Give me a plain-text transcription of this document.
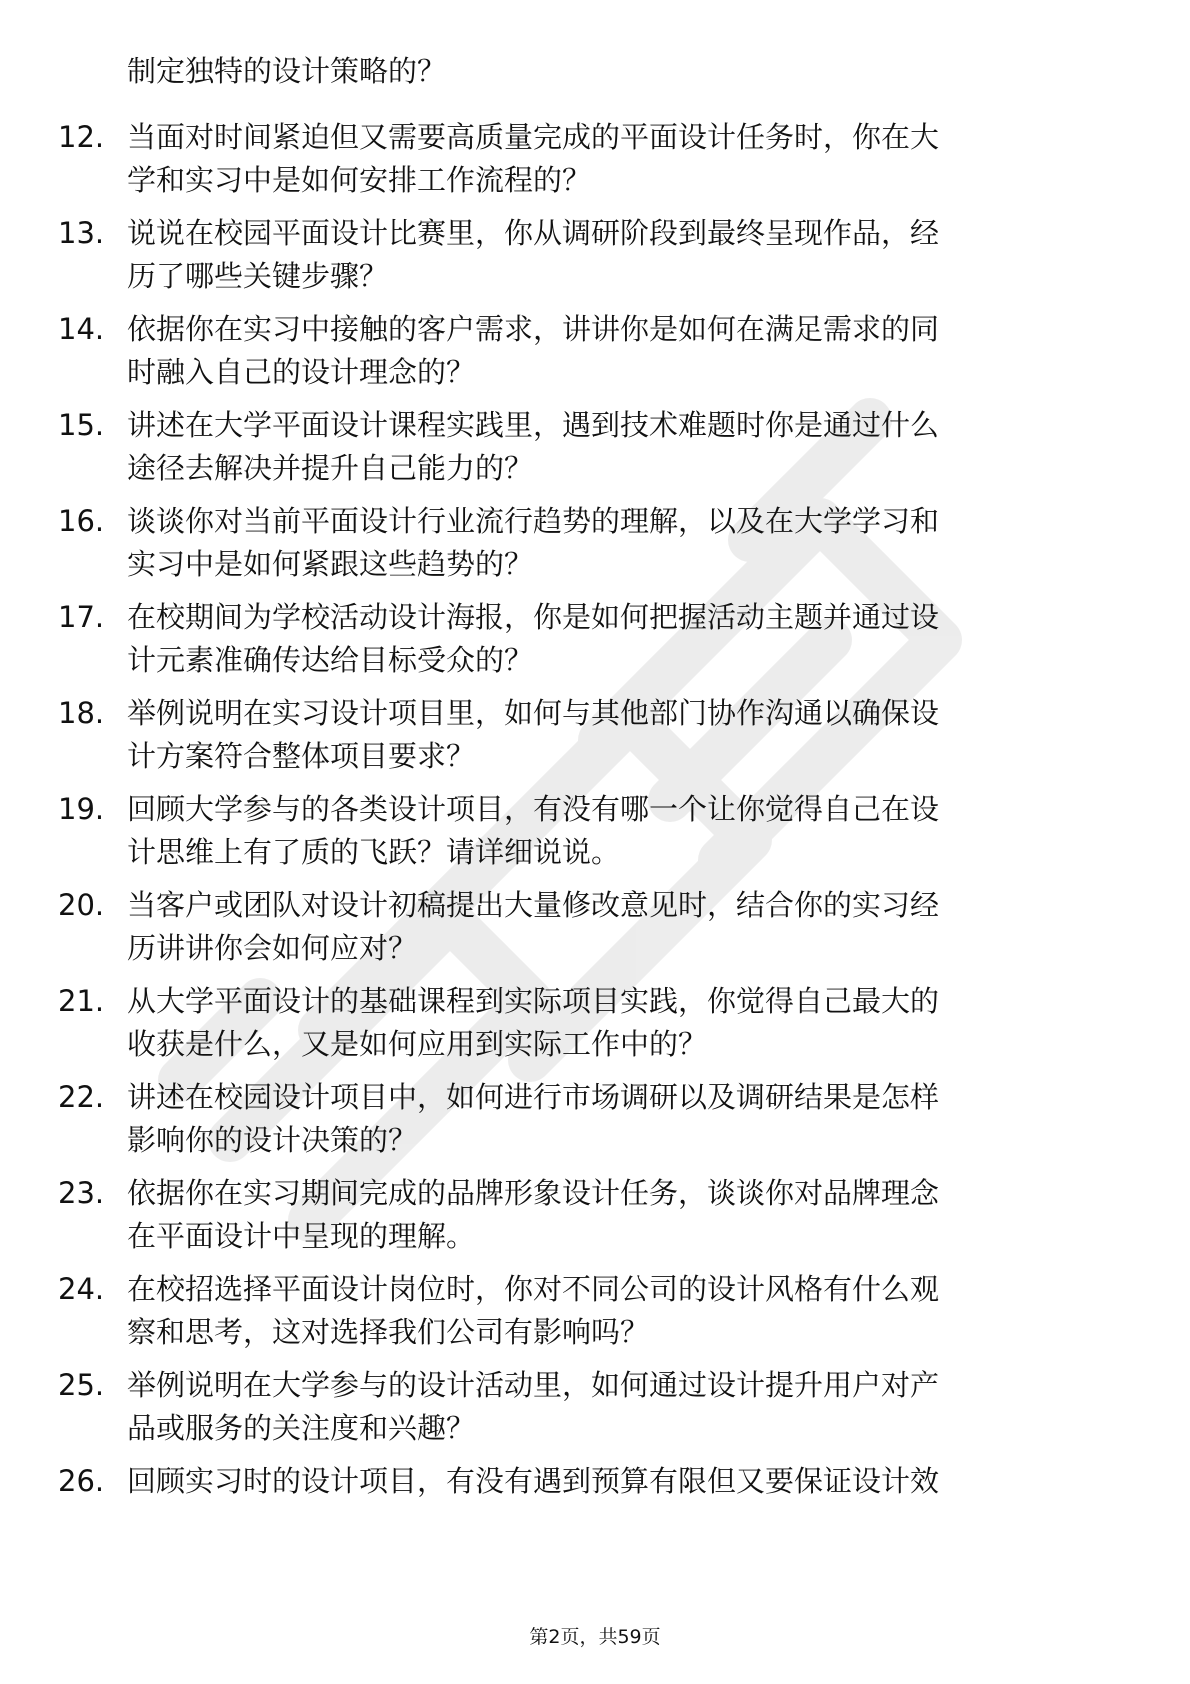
制定独特的设计策略的？
12. 当面对时间紧迫但又需要高质量完成的平面设计任务时，你在大
学和实习中是如何安排工作流程的？
13. 说说在校园平面设计比赛里，你从调研阶段到最终呈现作品，经
历了哪些关键步骤？
14. 依据你在实习中接触的客户需求，讲讲你是如何在满足需求的同
时融入自己的设计理念的？
15. 讲述在大学平面设计课程实践里，遇到技术难题时你是通过什么
途径去解决并提升自己能力的？
16. 谈谈你对当前平面设计行业流行趋势的理解，以及在大学学习和
实习中是如何紧跟这些趋势的？
17. 在校期间为学校活动设计海报，你是如何把握活动主题并通过设
计元素准确传达给目标受众的？
18. 举例说明在实习设计项目里，如何与其他部门协作沟通以确保设
计方案符合整体项目要求？
19. 回顾大学参与的各类设计项目，有没有哪一个让你觉得自己在设
计思维上有了质的飞跃？请详细说说。
20. 当客户或团队对设计初稿提出大量修改意见时，结合你的实习经
历讲讲你会如何应对？
21. 从大学平面设计的基础课程到实际项目实践，你觉得自己最大的
收获是什么，又是如何应用到实际工作中的？
22. 讲述在校园设计项目中，如何进行市场调研以及调研结果是怎样
影响你的设计决策的？
23. 依据你在实习期间完成的品牌形象设计任务，谈谈你对品牌理念
在平面设计中呈现的理解。
24. 在校招选择平面设计岗位时，你对不同公司的设计风格有什么观
察和思考，这对选择我们公司有影响吗？
25. 举例说明在大学参与的设计活动里，如何通过设计提升用户对产
品或服务的关注度和兴趣？
26. 回顾实习时的设计项目，有没有遇到预算有限但又要保证设计效
第2页，共59页
